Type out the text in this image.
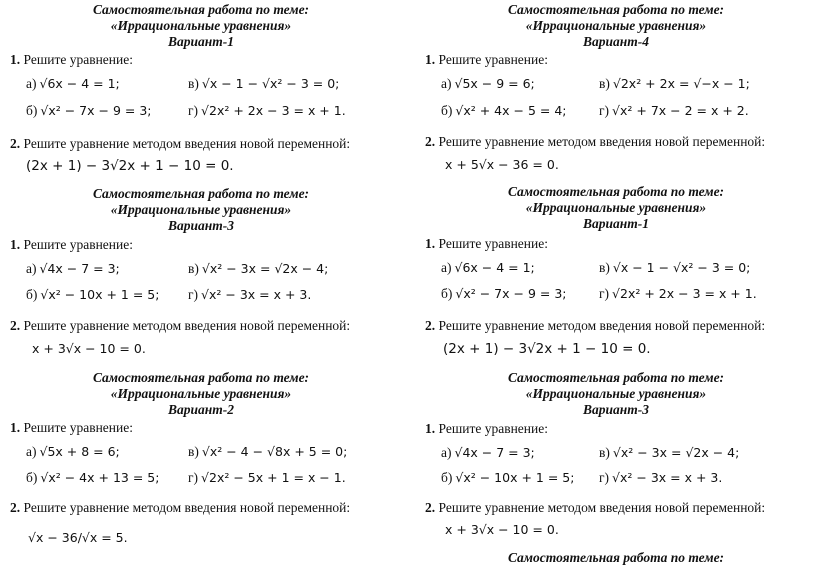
Самостоятельная работа по теме:
«Иррациональные уравнения»
Вариант-1
1. Решите уравнение:
а) √6x − 4 = 1;	в) √x − 1 − √x² − 3 = 0;
б) √x² − 7x − 9 = 3;	г) √2x² + 2x − 3 = x + 1.
2. Решите уравнение методом введения новой переменной:
(2x + 1) − 3√2x + 1 − 10 = 0.
Самостоятельная работа по теме:
«Иррациональные уравнения»
Вариант-3
1. Решите уравнение:
а) √4x − 7 = 3;	в) √x² − 3x = √2x − 4;
б) √x² − 10x + 1 = 5; г) √x² − 3x = x + 3.
2. Решите уравнение методом введения новой переменной:
x + 3√x − 10 = 0.
Самостоятельная работа по теме:
«Иррациональные уравнения»
Вариант-2
1. Решите уравнение:
а) √5x + 8 = 6;	в) √x² − 4 − √8x + 5 = 0;
б) √x² − 4x + 13 = 5; г) √2x² − 5x + 1 = x − 1.
2. Решите уравнение методом введения новой переменной:
√x − 36/√x = 5.
Самостоятельная работа по теме:
«Иррациональные уравнения»
Вариант-4
1. Решите уравнение:
а) √5x − 9 = 6;	в) √2x² + 2x = √−x − 1;
б) √x² + 4x − 5 = 4; г) √x² + 7x − 2 = x + 2.
2. Решите уравнение методом введения новой переменной:
x + 5√x − 36 = 0.
Самостоятельная работа по теме:
«Иррациональные уравнения»
Вариант-1
1. Решите уравнение:
а) √6x − 4 = 1;	в) √x − 1 − √x² − 3 = 0;
б) √x² − 7x − 9 = 3; г) √2x² + 2x − 3 = x + 1.
2. Решите уравнение методом введения новой переменной:
(2x + 1) − 3√2x + 1 − 10 = 0.
Самостоятельная работа по теме:
«Иррациональные уравнения»
Вариант-3
1. Решите уравнение:
а) √4x − 7 = 3;	в) √x² − 3x = √2x − 4;
б) √x² − 10x + 1 = 5; г) √x² − 3x = x + 3.
2. Решите уравнение методом введения новой переменной:
x + 3√x − 10 = 0.
Самостоятельная работа по теме:
